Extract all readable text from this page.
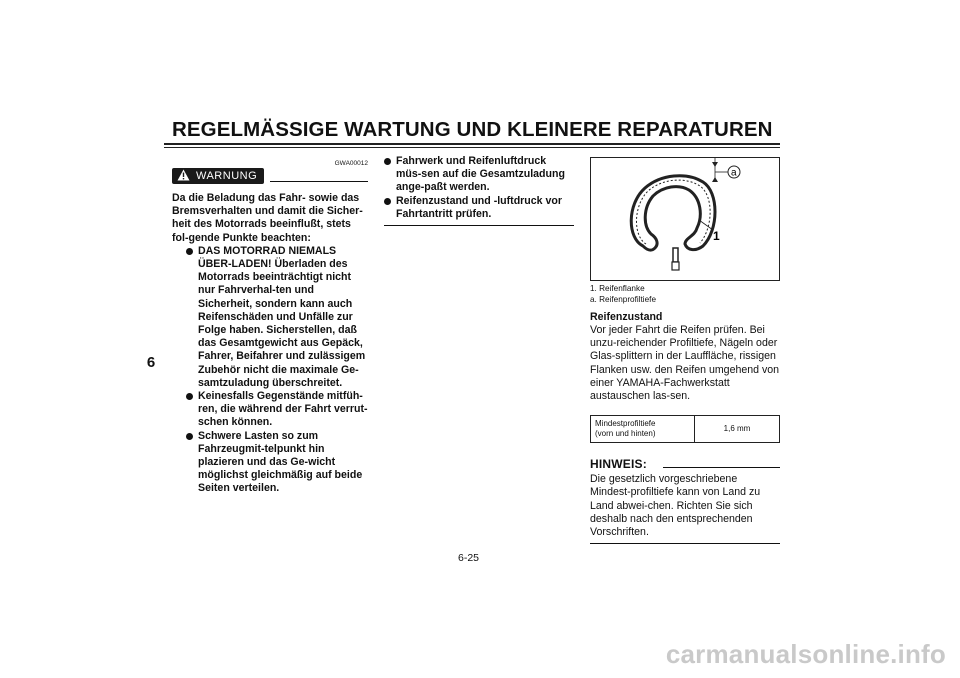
REGELMÄSSIGE WARTUNG UND KLEINERE REPARATUREN
6
GWA00012
WARNUNG

Da die Beladung das Fahr- sowie das Bremsverhalten und damit die Sicher-heit des Motorrads beeinflußt, stets fol-gende Punkte beachten:

DAS MOTORRAD NIEMALS ÜBER-LADEN! Überladen des Motorrads beeinträchtigt nicht nur Fahrverhal-ten und Sicherheit, sondern kann auch Reifenschäden und Unfälle zur Folge haben. Sicherstellen, daß das Gesamtgewicht aus Gepäck, Fahrer, Beifahrer und zulässigem Zubehör nicht die maximale Ge-samtzuladung überschreitet.
Keinesfalls Gegenstände mitfüh-ren, die während der Fahrt verrut-schen können.
Schwere Lasten so zum Fahrzeugmit-telpunkt hin plazieren und das Ge-wicht möglichst gleichmäßig auf beide Seiten verteilen.
Fahrwerk und Reifenluftdruck müs-sen auf die Gesamtzuladung ange-paßt werden.
Reifenzustand und -luftdruck vor Fahrtantritt prüfen.
a
1
1. Reifenflanke
a. Reifenprofiltiefe
Reifenzustand

Vor jeder Fahrt die Reifen prüfen. Bei unzu-reichender Profiltiefe, Nägeln oder Glas-splittern in der Lauffläche, rissigen Flanken usw. den Reifen umgehend von einer YAMAHA-Fachwerkstatt austauschen las-sen.

Mindestprofiltiefe
(vorn und hinten)
	1,6 mm
HINWEIS:

Die gesetzlich vorgeschriebene Mindest-profiltiefe kann von Land zu Land abwei-chen. Richten Sie sich deshalb nach den entsprechenden Vorschriften.

6-25
carmanualsonline.info
